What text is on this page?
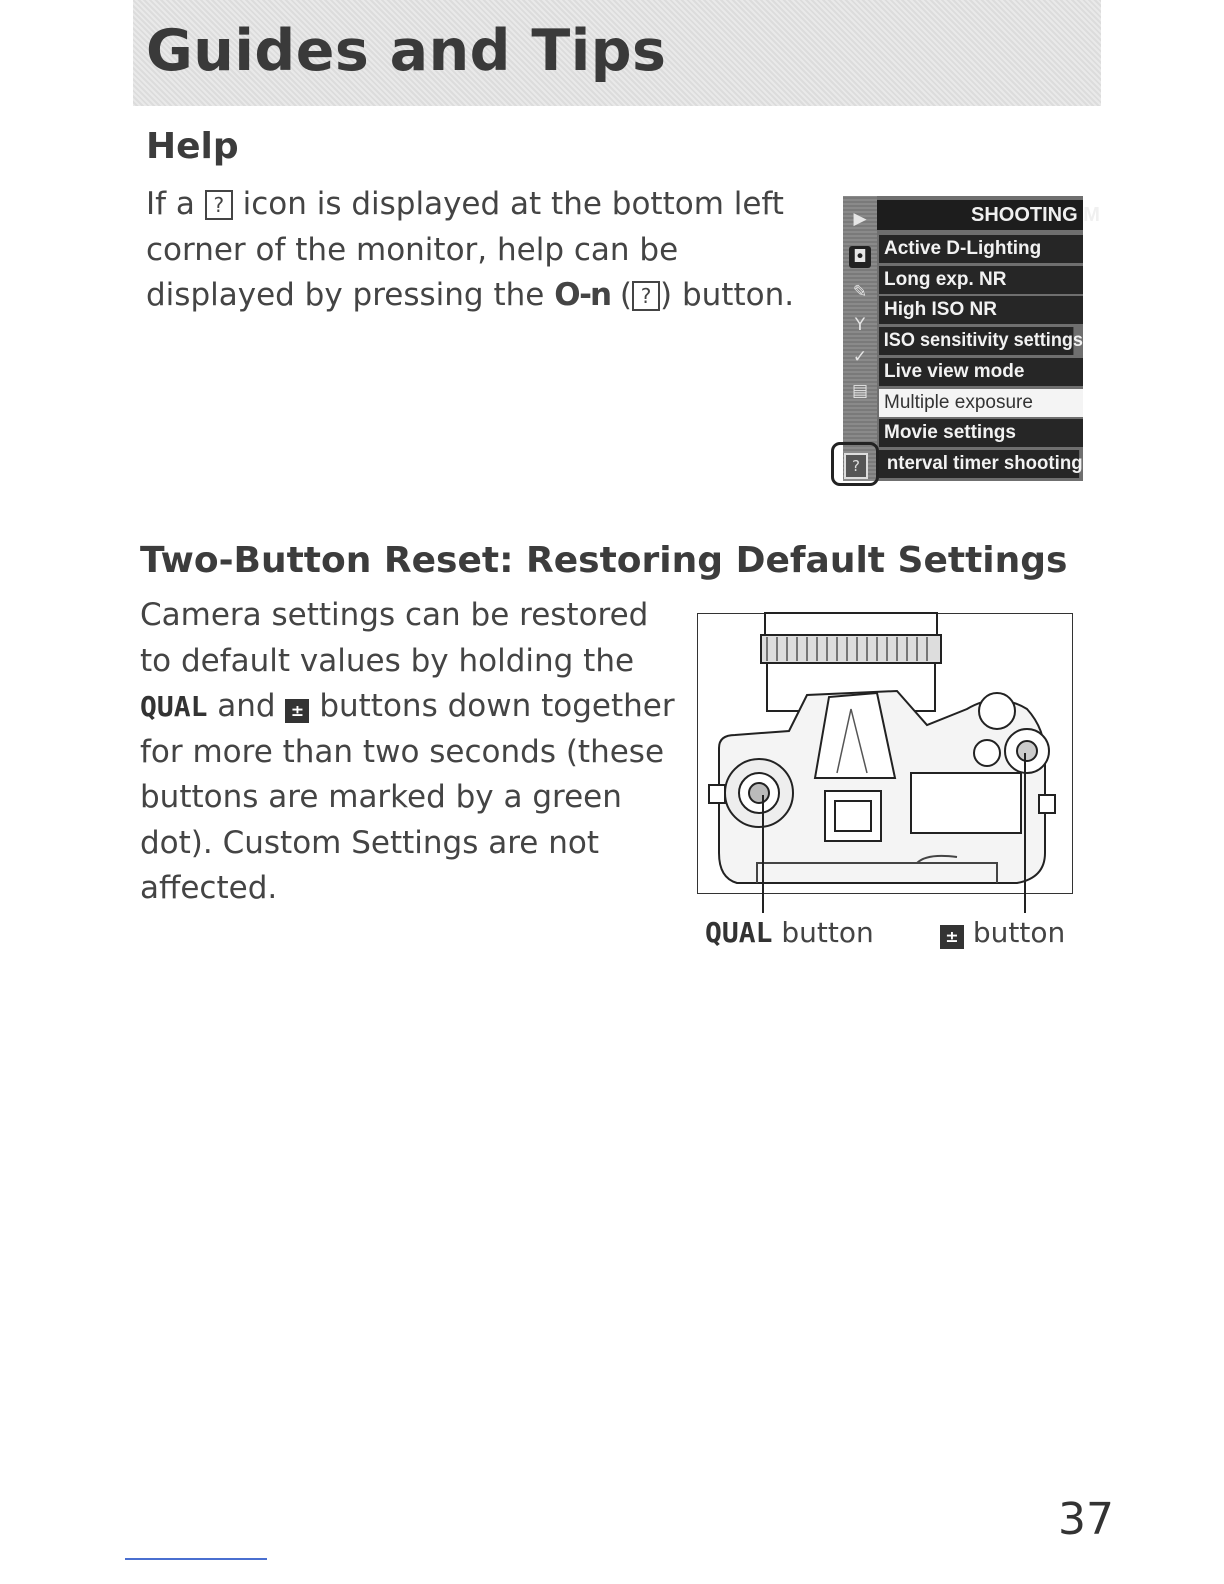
Guides and Tips
Help

If a ? icon is displayed at the bottom left corner of the monitor, help can be displayed by pressing the O-n ( ? ) button.

▶
◘
✎
Y
✓
▤
SHOOTING M
Active D-Lighting
Long exp. NR
High ISO NR
ISO sensitivity settings
Live view mode
Multiple exposure
Movie settings
nterval timer shooting
?
Two-Button Reset: Restoring Default Settings

Camera settings can be restored to default values by holding the QUAL and ± buttons down together for more than two seconds (these buttons are marked by a green dot). Custom Settings are not affected.

QUAL button	± button
37
